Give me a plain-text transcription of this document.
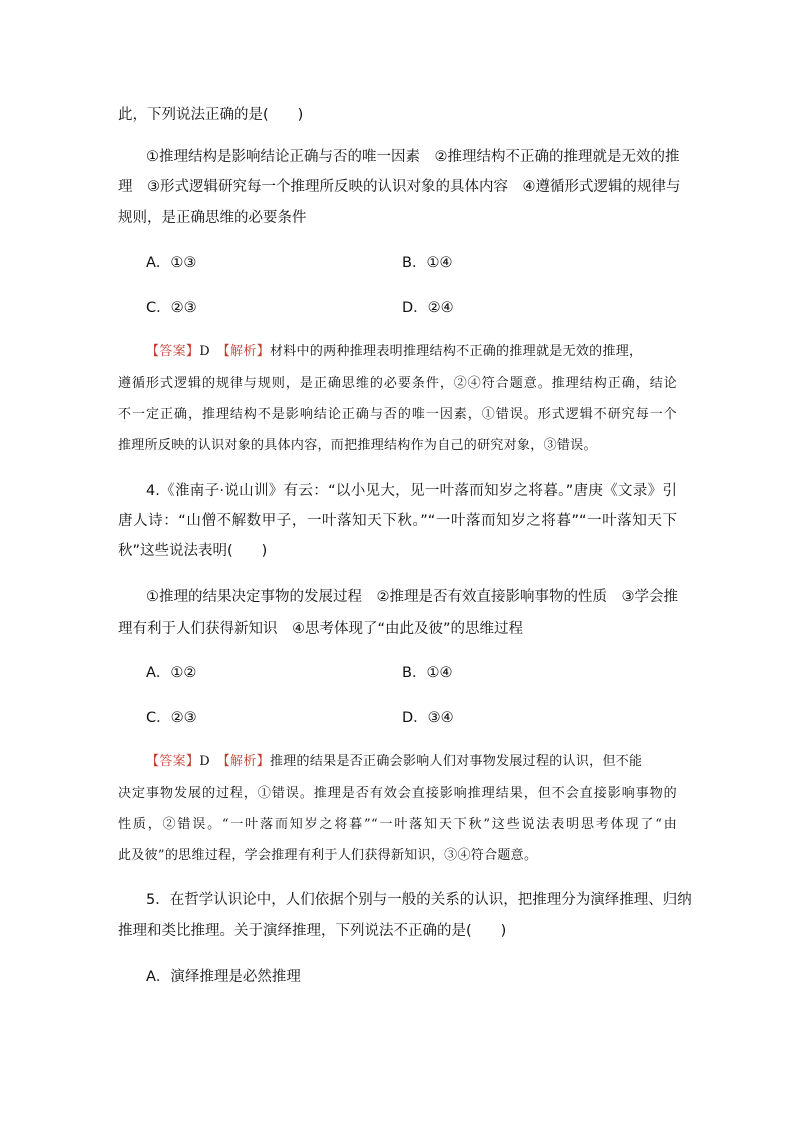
此，下列说法正确的是(　　)
①推理结构是影响结论正确与否的唯一因素　②推理结构不正确的推理就是无效的推
理　③形式逻辑研究每一个推理所反映的认识对象的具体内容　④遵循形式逻辑的规律与
规则，是正确思维的必要条件
A．①③	B．①④
C．②③	D．②④
【答案】D　 【解析】材料中的两种推理表明推理结构不正确的推理就是无效的推理，
遵循形式逻辑的规律与规则，是正确思维的必要条件，②④符合题意。推理结构正确，结论
不一定正确，推理结构不是影响结论正确与否的唯一因素，①错误。形式逻辑不研究每一个
推理所反映的认识对象的具体内容，而把推理结构作为自己的研究对象，③错误。
4.《淮南子·说山训》有云：“以小见大，见一叶落而知岁之将暮。”唐庚《文录》引
唐人诗：“山僧不解数甲子，一叶落知天下秋。”“一叶落而知岁之将暮”“一叶落知天下
秋”这些说法表明(　　)
①推理的结果决定事物的发展过程　②推理是否有效直接影响事物的性质　③学会推
理有利于人们获得新知识　④思考体现了“由此及彼”的思维过程
A．①②	B．①④
C．②③	D．③④
【答案】D　 【解析】推理的结果是否正确会影响人们对事物发展过程的认识，但不能
决定事物发展的过程，①错误。推理是否有效会直接影响推理结果，但不会直接影响事物的
性质，②错误。“一叶落而知岁之将暮”“一叶落知天下秋”这些说法表明思考体现了“由
此及彼”的思维过程，学会推理有利于人们获得新知识，③④符合题意。
5．在哲学认识论中，人们依据个别与一般的关系的认识，把推理分为演绎推理、归纳
推理和类比推理。关于演绎推理，下列说法不正确的是(　　)
A．演绎推理是必然推理
